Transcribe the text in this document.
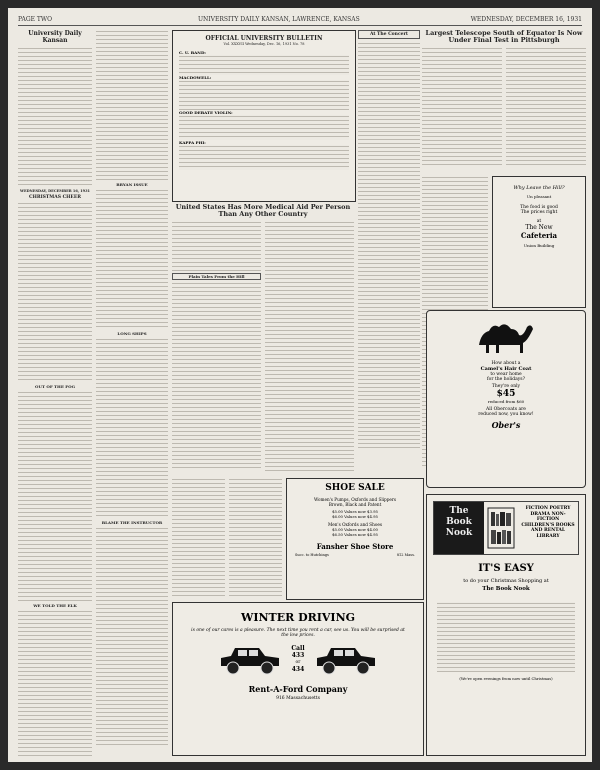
PAGE TWO	UNIVERSITY DAILY KANSAN, LAWRENCE, KANSAS	WEDNESDAY, DECEMBER 16, 1931
University Daily Kansan
WEDNESDAY, DECEMBER 16, 1931
CHRISTMAS CHEER
OUT OF THE FOG
WE TOLD THE ELK
BRYAN ISSUE
LONG SHIPS
BLAME THE INSTRUCTOR
OFFICIAL UNIVERSITY BULLETIN
Vol. XXXVII Wednesday, Dec. 16, 1931 No. 78
C. U. BAND:
MACDOWELL:
GOOD DEBATE VIOLIN:
KAPPA PHI:
At The Concert	Largest Telescope South of Equator Is Now Under Final Test in Pittsburgh
United States Has More Medical Aid Per Person Than Any Other Country
Plain Tales From the Hill
Why Leave the Hill?
Un pleasant
The food is good
The prices right
at
The New
Cafeteria
Union Building
How about a
Camel's Hair Coat
to wear home
for the holidays?
They're only
$45
reduced from $60
All Obercoats are
reduced now, you know!
Ober's
SHOE SALE
Women's Pumps, Oxfords and Slippers
Brown, Black and Patent
$5.00 Values now $3.95
$6.00 Values now $4.95
Men's Oxfords and Shoes
$5.00 Values now $4.00
$6.50 Values now $4.95
Fansher Shoe Store
Succ. to Hutchings	812 Mass.
The
Book
Nook
FICTION POETRY DRAMA NON-FICTION CHILDREN'S BOOKS AND RENTAL LIBRARY
IT'S EASY
to do your Christmas Shopping at
The Book Nook
(We're open evenings from now until Christmas)
WINTER DRIVING
is one of our cares is a pleasure. The next time you rent a car, see us. You will be surprised at the low prices.
Call
433
or
434
Rent-A-Ford Company
916 Massachusetts
